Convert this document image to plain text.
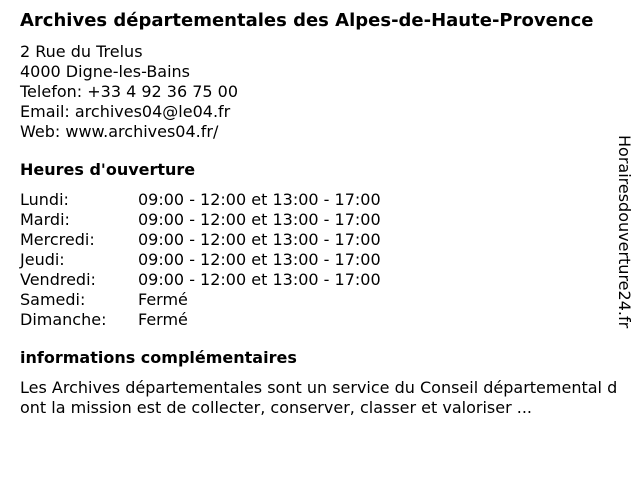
Archives départementales des Alpes-de-Haute-Provence
2 Rue du Trelus
4000 Digne-les-Bains
Telefon: +33 4 92 36 75 00
Email: archives04@le04.fr
Web: www.archives04.fr/
Heures d'ouverture
Lundi:	09:00 - 12:00 et 13:00 - 17:00
Mardi:	09:00 - 12:00 et 13:00 - 17:00
Mercredi:	09:00 - 12:00 et 13:00 - 17:00
Jeudi:	09:00 - 12:00 et 13:00 - 17:00
Vendredi:	09:00 - 12:00 et 13:00 - 17:00
Samedi:	Fermé
Dimanche:	Fermé
informations complémentaires
Les Archives départementales sont un service du Conseil départemental dont la mission est de collecter, conserver, classer et valoriser ...
Horairesdouverture24.fr
